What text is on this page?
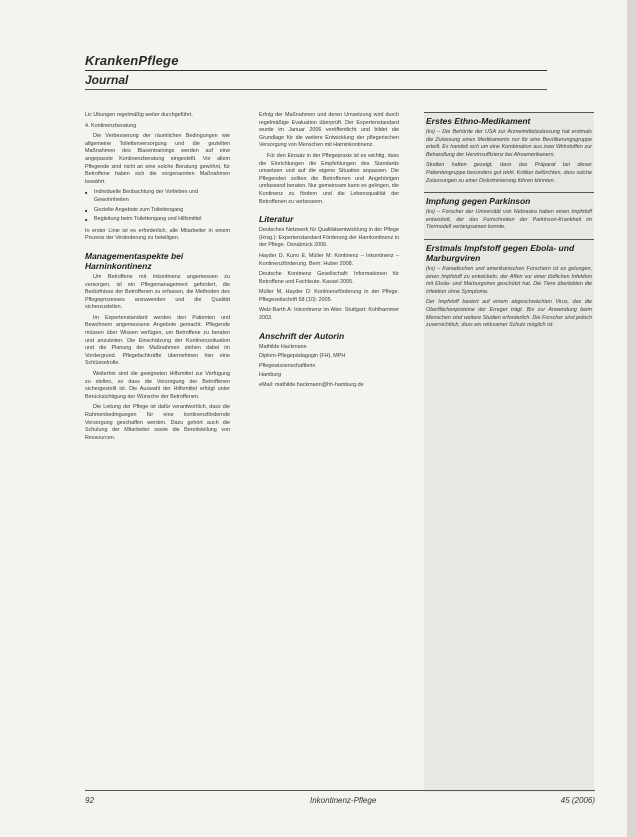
KrankenPflege
Journal

Lic Übungen regelmäßig weiter durchgeführt.

4. Kontinenzberatung

Die Verbesserung der räumlichen Bedingungen wie allgemeine Toilettenversorgung und die gezielten Maßnahmen des Blasentrainings werden auf eine angepasste Kontinenzberatung eingestellt. Vor allem Pflegende sind nicht an eine solche Beratung gewöhnt, für Betroffene haben sich die vorgenannten Maßnahmen bewährt.

■ Individuelle Beobachtung der Vorlieben und Gewohnheiten
■ Gezielte Angebote zum Toilettengang
■ Begleitung beim Toilettengang und Hilfsmittel

In erster Linie ist es erforderlich, alle Mitarbeiter in einem Prozess der Veränderung zu beteiligen.

Managementaspekte bei Harninkontinenz

Um Betroffene mit Inkontinenz angemessen zu versorgen, ist ein Pflegemanagement gefordert, die Bedürfnisse der Betroffenen zu erfassen, die Methoden des Pflegeprozesses anzuwenden und die Qualität sicherzustellen.

Im Expertenstandard werden den Patienten und Bewohnern angemessene Angebote gemacht. Pflegende müssen über Wissen verfügen, um Betroffene zu beraten und anzuleiten. Die Einschätzung der Kontinenzsituation und die Planung der Maßnahmen stehen dabei im Vordergrund. Pflegefachkräfte übernehmen hier eine Schlüsselrolle.

Weiterhin sind die geeigneten Hilfsmittel zur Verfügung zu stellen, so dass die Versorgung der Betroffenen sichergestellt ist. Die Auswahl der Hilfsmittel erfolgt unter Berücksichtigung der Wünsche der Betroffenen.

Die Leitung der Pflege ist dafür verantwortlich, dass die Rahmenbedingungen für eine kontinenzfördernde Versorgung geschaffen werden. Dazu gehört auch die Schulung der Mitarbeiter sowie die Bereitstellung von Ressourcen.

Erfolg der Maßnahmen und deren Umsetzung wird durch regelmäßige Evaluation überprüft. Der Expertenstandard wurde im Januar 2006 veröffentlicht und bildet die Grundlage für die weitere Entwicklung der pflegerischen Versorgung von Menschen mit Harninkontinenz.

Für den Einsatz in der Pflegepraxis ist es wichtig, dass die Einrichtungen die Empfehlungen des Standards umsetzen und auf die eigene Situation anpassen. Die Pflegenden sollten die Betroffenen und Angehörigen umfassend beraten. Nur gemeinsam kann es gelingen, die Kontinenz zu fördern und die Lebensqualität der Betroffenen zu verbessern.

Literatur

Deutsches Netzwerk für Qualitätsentwicklung in der Pflege (Hrsg.): Expertenstandard Förderung der Harnkontinenz in der Pflege. Osnabrück 2006.

Hayder D, Kuno E, Müller M: Kontinenz – Inkontinenz – Kontinenzförderung. Bern: Huber 2008.

Deutsche Kontinenz Gesellschaft: Informationen für Betroffene und Fachleute. Kassel 2005.

Müller M, Hayder D: Kontinenzförderung in der Pflege. Pflegezeitschrift 58 (10): 2005.

Welz-Barth A: Inkontinenz im Alter. Stuttgart: Kohlhammer 2003.

Anschrift der Autorin

Mathilde Hackmann

Diplom-Pflegepädagogin (FH), MPH

Pflegewissenschaftlerin

Hamburg

eMail: mathilde.hackmann@hh-hamburg.de

Erstes Ethno-Medikament

(ks) – Die Behörde der USA zur Arzneimittelzulassung hat erstmals die Zulassung eines Medikaments nur für eine Bevölkerungsgruppe erteilt. Es handelt sich um eine Kombination aus zwei Wirkstoffen zur Behandlung der Herzinsuffizienz bei Afroamerikanern.

Studien hatten gezeigt, dass das Präparat bei dieser Patientengruppe besonders gut wirkt. Kritiker befürchten, dass solche Zulassungen zu einer Diskriminierung führen könnten.

Impfung gegen Parkinson

(ks) – Forscher der Universität von Nebraska haben einen Impfstoff entwickelt, der das Fortschreiten der Parkinson-Krankheit im Tiermodell verlangsamen konnte.

Erstmals Impfstoff gegen Ebola- und Marburgviren

(ks) – Kanadischen und amerikanischen Forschern ist es gelungen, einen Impfstoff zu entwickeln, der Affen vor einer tödlichen Infektion mit Ebola- und Marburgviren geschützt hat. Die Tiere überlebten die Infektion ohne Symptome.

Der Impfstoff basiert auf einem abgeschwächten Virus, das die Oberflächenproteine der Erreger trägt. Bis zur Anwendung beim Menschen sind weitere Studien erforderlich. Die Forscher sind jedoch zuversichtlich, dass ein wirksamer Schutz möglich ist.

92	Inkontinenz-Pflege	45 (2006)
